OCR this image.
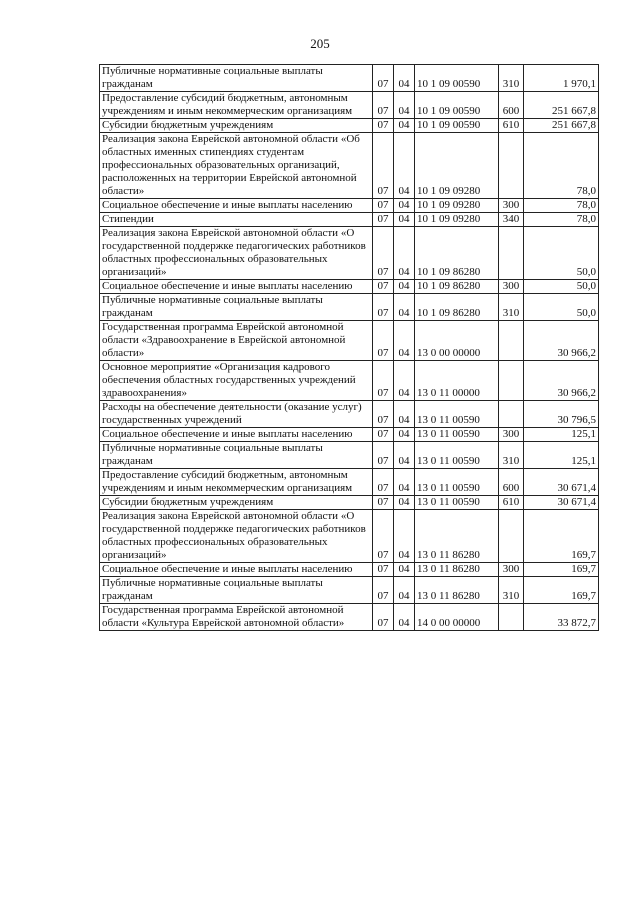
205
Публичные нормативные социальные выплаты гражданам	07	04	10 1 09 00590	310	1 970,1
Предоставление субсидий бюджетным, автономным учреждениям и иным некоммерческим организациям	07	04	10 1 09 00590	600	251 667,8
Субсидии бюджетным учреждениям	07	04	10 1 09 00590	610	251 667,8
Реализация закона Еврейской автономной области «Об областных именных стипендиях студентам профессиональных образовательных организаций, расположенных на территории Еврейской автономной области»	07	04	10 1 09 09280		78,0
Социальное обеспечение и иные выплаты населению	07	04	10 1 09 09280	300	78,0
Стипендии	07	04	10 1 09 09280	340	78,0
Реализация закона Еврейской автономной области «О государственной поддержке педагогических работников областных профессиональных образовательных организаций»	07	04	10 1 09 86280		50,0
Социальное обеспечение и иные выплаты населению	07	04	10 1 09 86280	300	50,0
Публичные нормативные социальные выплаты гражданам	07	04	10 1 09 86280	310	50,0
Государственная программа Еврейской автономной области «Здравоохранение в Еврейской автономной области»	07	04	13 0 00 00000		30 966,2
Основное мероприятие «Организация кадрового обеспечения областных государственных учреждений здравоохранения»	07	04	13 0 11 00000		30 966,2
Расходы на обеспечение деятельности (оказание услуг) государственных учреждений	07	04	13 0 11 00590		30 796,5
Социальное обеспечение и иные выплаты населению	07	04	13 0 11 00590	300	125,1
Публичные нормативные социальные выплаты гражданам	07	04	13 0 11 00590	310	125,1
Предоставление субсидий бюджетным, автономным учреждениям и иным некоммерческим организациям	07	04	13 0 11 00590	600	30 671,4
Субсидии бюджетным учреждениям	07	04	13 0 11 00590	610	30 671,4
Реализация закона Еврейской автономной области «О государственной поддержке педагогических работников областных профессиональных образовательных организаций»	07	04	13 0 11 86280		169,7
Социальное обеспечение и иные выплаты населению	07	04	13 0 11 86280	300	169,7
Публичные нормативные социальные выплаты гражданам	07	04	13 0 11 86280	310	169,7
Государственная программа Еврейской автономной области «Культура Еврейской автономной области»	07	04	14 0 00 00000		33 872,7
